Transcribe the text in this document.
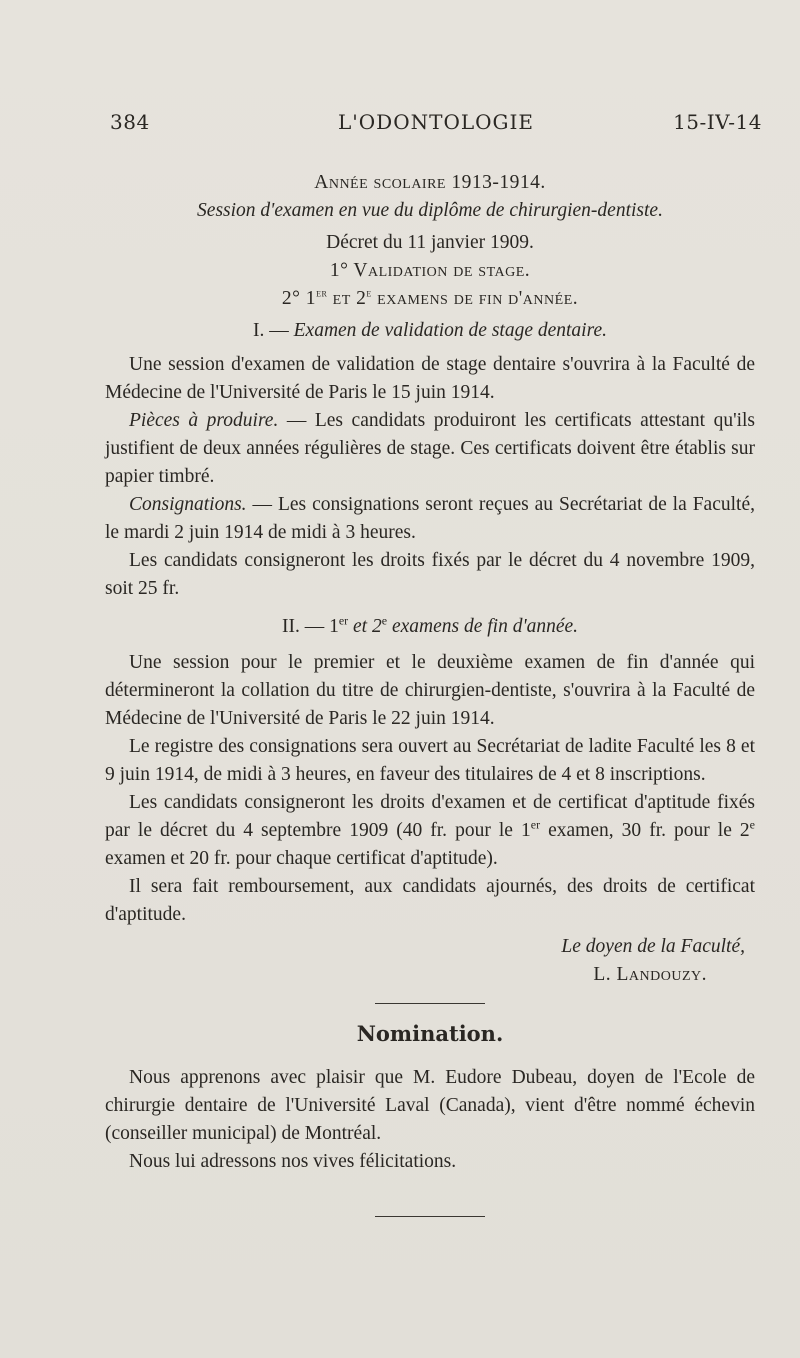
384	L'ODONTOLOGIE	15-IV-14
Année scolaire 1913-1914.
Session d'examen en vue du diplôme de chirurgien-dentiste.
Décret du 11 janvier 1909.
1° Validation de stage.
2° 1er et 2e examens de fin d'année.
I. — Examen de validation de stage dentaire.

Une session d'examen de validation de stage dentaire s'ouvrira à la Faculté de Médecine de l'Université de Paris le 15 juin 1914.

Pièces à produire. — Les candidats produiront les certificats attestant qu'ils justifient de deux années régulières de stage. Ces certificats doivent être établis sur papier timbré.

Consignations. — Les consignations seront reçues au Secrétariat de la Faculté, le mardi 2 juin 1914 de midi à 3 heures.

Les candidats consigneront les droits fixés par le décret du 4 novembre 1909, soit 25 fr.

II. — 1er et 2e examens de fin d'année.

Une session pour le premier et le deuxième examen de fin d'année qui détermineront la collation du titre de chirurgien-dentiste, s'ouvrira à la Faculté de Médecine de l'Université de Paris le 22 juin 1914.

Le registre des consignations sera ouvert au Secrétariat de ladite Faculté les 8 et 9 juin 1914, de midi à 3 heures, en faveur des titulaires de 4 et 8 inscriptions.

Les candidats consigneront les droits d'examen et de certificat d'aptitude fixés par le décret du 4 septembre 1909 (40 fr. pour le 1er examen, 30 fr. pour le 2e examen et 20 fr. pour chaque certificat d'aptitude).

Il sera fait remboursement, aux candidats ajournés, des droits de certificat d'aptitude.

Le doyen de la Faculté,
L. Landouzy.
Nomination.

Nous apprenons avec plaisir que M. Eudore Dubeau, doyen de l'Ecole de chirurgie dentaire de l'Université Laval (Canada), vient d'être nommé échevin (conseiller municipal) de Montréal.

Nous lui adressons nos vives félicitations.
